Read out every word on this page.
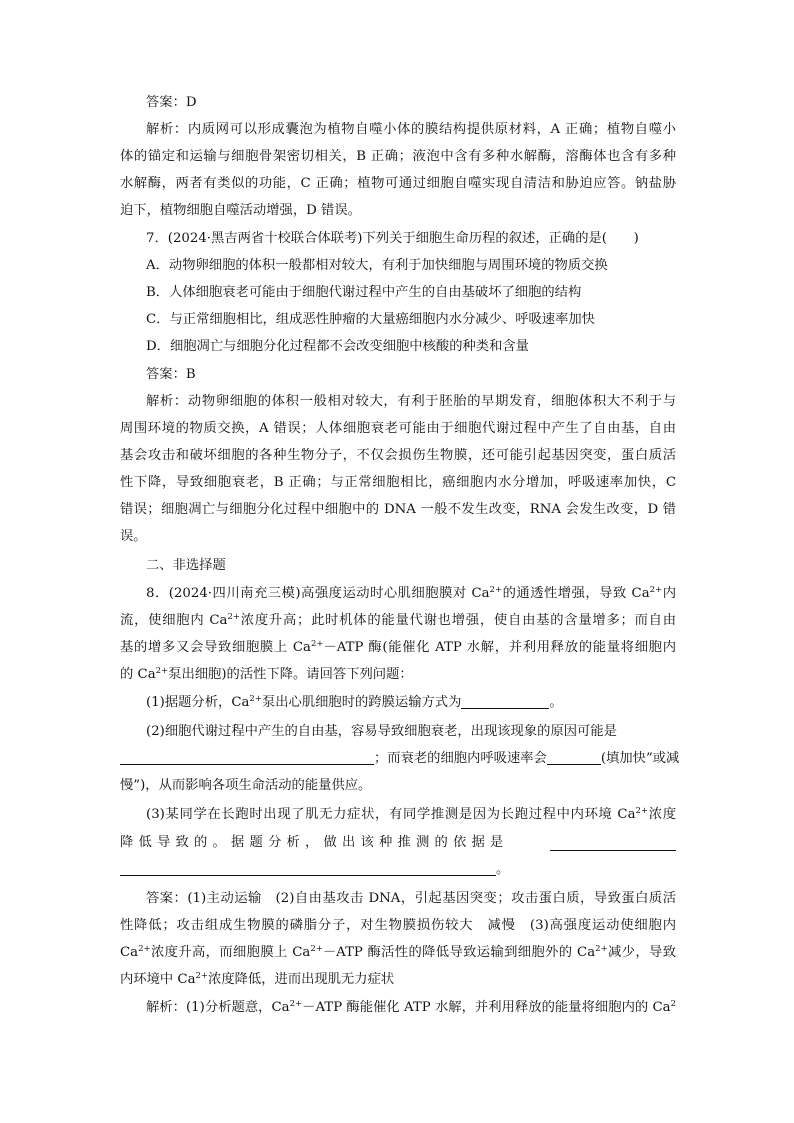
答案：D
解析：内质网可以形成囊泡为植物自噬小体的膜结构提供原材料，A 正确；植物自噬小
体的锚定和运输与细胞骨架密切相关，B 正确；液泡中含有多种水解酶，溶酶体也含有多种
水解酶，两者有类似的功能，C 正确；植物可通过细胞自噬实现自清洁和胁迫应答。钠盐胁
迫下，植物细胞自噬活动增强，D 错误。
7．(2024·黑吉两省十校联合体联考)下列关于细胞生命历程的叙述，正确的是(　　)
A．动物卵细胞的体积一般都相对较大，有利于加快细胞与周围环境的物质交换
B．人体细胞衰老可能由于细胞代谢过程中产生的自由基破坏了细胞的结构
C．与正常细胞相比，组成恶性肿瘤的大量癌细胞内水分减少、呼吸速率加快
D．细胞凋亡与细胞分化过程都不会改变细胞中核酸的种类和含量
答案：B
解析：动物卵细胞的体积一般相对较大，有利于胚胎的早期发育，细胞体积大不利于与
周围环境的物质交换，A 错误；人体细胞衰老可能由于细胞代谢过程中产生了自由基，自由
基会攻击和破坏细胞的各种生物分子，不仅会损伤生物膜，还可能引起基因突变，蛋白质活
性下降，导致细胞衰老，B 正确；与正常细胞相比，癌细胞内水分增加，呼吸速率加快，C
错误；细胞凋亡与细胞分化过程中细胞中的 DNA 一般不发生改变，RNA 会发生改变，D 错
误。
二、非选择题
8．(2024·四川南充三模)高强度运动时心肌细胞膜对 $Ca^{2+}$的通透性增强，导致 $Ca^{2+}$内
流，使细胞内 $Ca^{2+}$浓度升高；此时机体的能量代谢也增强，使自由基的含量增多；而自由
基的增多又会导致细胞膜上 $Ca^{2+}-ATP$ 酶(能催化 ATP 水解，并利用释放的能量将细胞内
的 $Ca^{2+}$泵出细胞)的活性下降。请回答下列问题：
(1)据题分析，$Ca^{2+}$泵出心肌细胞时的跨膜运输方式为	。
(2)细胞代谢过程中产生的自由基，容易导致细胞衰老，出现该现象的原因可能是
；而衰老的细胞内呼吸速率会	(填加快”或减
慢”)，从而影响各项生命活动的能量供应。
(3)某同学在长跑时出现了肌无力症状，有同学推测是因为长跑过程中内环境 $Ca^{2+}$浓度
降低导致的。据题分析，做出该种推测的依据是
。
答案：(1)主动运输　(2)自由基攻击 DNA，引起基因突变；攻击蛋白质，导致蛋白质活
性降低；攻击组成生物膜的磷脂分子，对生物膜损伤较大　减慢　(3)高强度运动使细胞内
$Ca^{2+}$浓度升高，而细胞膜上 $Ca^{2+}-ATP$ 酶活性的降低导致运输到细胞外的 $Ca^{2+}$减少，导致
内环境中 $Ca^{2+}$浓度降低，进而出现肌无力症状
解析：(1)分析题意，$Ca^{2+}-ATP$ 酶能催化 ATP 水解，并利用释放的能量将细胞内的 Ca$^2$
